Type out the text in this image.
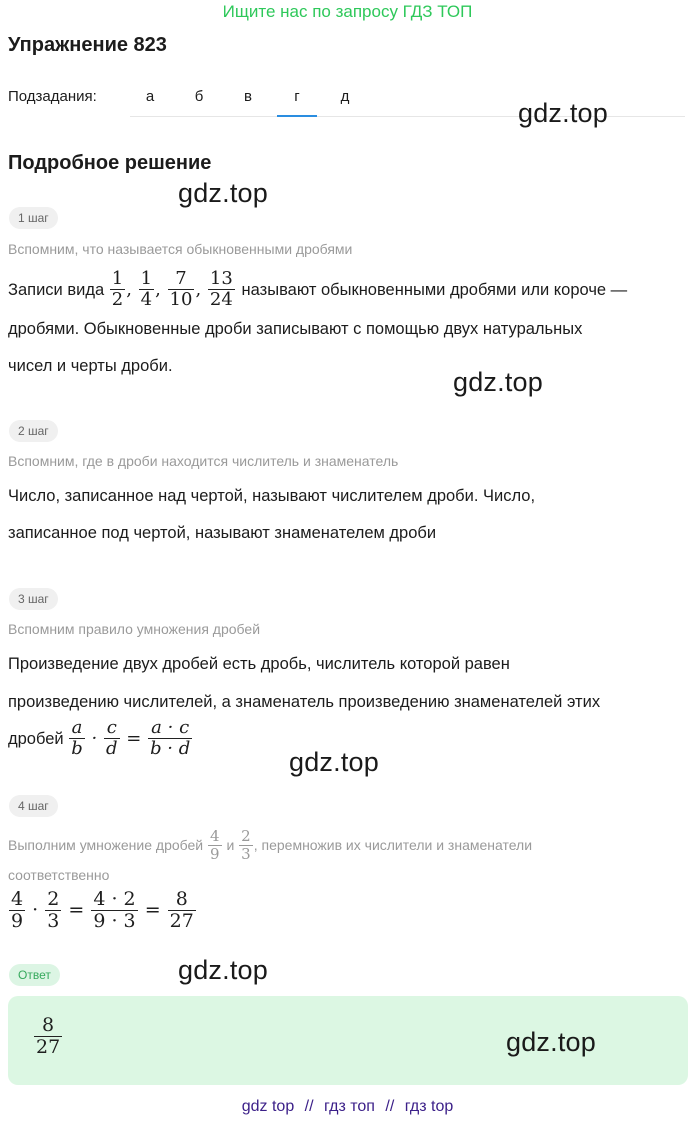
Ищите нас по запросу ГДЗ ТОП
Упражнение 823
Подзадания:	а	б	в	г	д
gdz.top
Подробное решение
gdz.top
1 шаг
Вспомним, что называется обыкновенными дробями
Записи вида $\frac{1}{2}$ , $\frac{1}{4}$ , $\frac{7}{10}$ , $\frac{13}{24}$ называют обыкновенными дробями или короче —
дробями. Обыкновенные дроби записывают с помощью двух натуральных
чисел и черты дроби.
gdz.top
2 шаг
Вспомним, где в дроби находится числитель и знаменатель
Число, записанное над чертой, называют числителем дроби. Число,
записанное под чертой, называют знаменателем дроби
3 шаг
Вспомним правило умножения дробей
Произведение двух дробей есть дробь, числитель которой равен
произведению числителей, а знаменатель произведению знаменателей этих
дробей $\frac{a}{b} \cdot \frac{c}{d} = \frac{a \cdot c}{b \cdot d}$
gdz.top
4 шаг
Выполним умножение дробей $\frac{4}{9}$ и $\frac{2}{3}$ , перемножив их числители и знаменатели
соответственно
$\frac{4}{9} \cdot \frac{2}{3} = \frac{4 \cdot 2}{9 \cdot 3} = \frac{8}{27}$
Ответ	gdz.top
$\frac{8}{27}$	gdz.top
gdz top // гдз топ // гдз top
